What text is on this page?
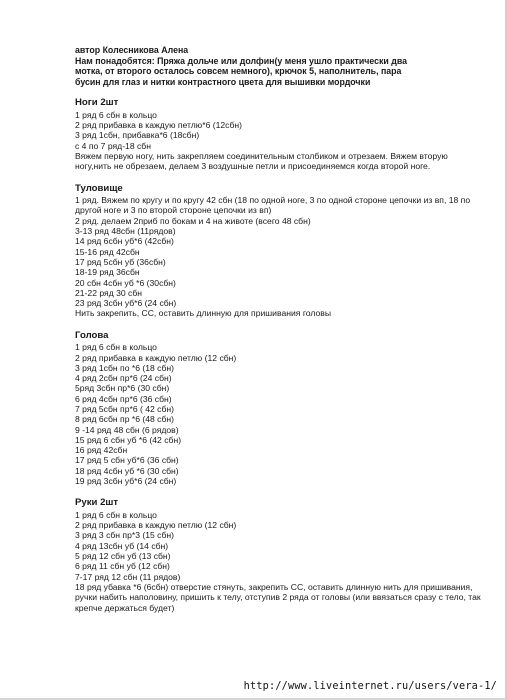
автор Колесникова Алена
Нам понадобятся: Пряжа дольче или долфин(у меня ушло практически два
мотка, от второго осталось совсем немного), крючок 5, наполнитель, пара
бусин для глаз и нитки контрастного цвета для вышивки мордочки
Ноги 2шт
1 ряд 6 сбн в кольцо
2 ряд прибавка в каждую петлю*6 (12сбн)
3 ряд 1сбн, прибавка*6 (18сбн)
с 4 по 7 ряд-18 сбн
Вяжем первую ногу, нить закрепляем соединительным столбиком и отрезаем. Вяжем вторую ногу,нить не обрезаем, делаем 3 воздушные петли и присоединяемся когда второй ноге.
Туловище
1 ряд. Вяжем по кругу и по кругу 42 сбн (18 по одной ноге, 3 по одной стороне цепочки из вп, 18 по другой ноге и 3 по второй стороне цепочки из вп)
2 ряд. делаем 2приб по бокам и 4 на животе (всего 48 сбн)
3-13 ряд 48сбн (11рядов)
14 ряд 6сбн уб*6 (42сбн)
15-16 ряд 42сбн
17 ряд 5сбн уб (36сбн)
18-19 ряд 36сбн
20 сбн 4сбн уб *6 (30сбн)
21-22 ряд 30 сбн
23 ряд 3сбн уб*6 (24 сбн)
Нить закрепить, СС, оставить длинную для пришивания головы
Голова
1 ряд 6 сбн в кольцо
2 ряд прибавка в каждую петлю (12 сбн)
3 ряд 1сбн по *6 (18 сбн)
4 ряд 2сбн пр*6 (24 сбн)
5ряд 3сбн пр*6 (30 сбн)
6 ряд 4сбн пр*6 (36 сбн)
7 ряд 5сбн пр*6 ( 42 сбн)
8 ряд 6сбн пр *6 (48 сбн)
9 -14 ряд 48 сбн (6 рядов)
15 ряд 6 сбн уб *6 (42 сбн)
16 ряд 42сбн
17 ряд 5 сбн уб*6 (36 сбн)
18 ряд 4сбн уб *6 (30 сбн)
19 ряд 3сбн уб*6 (24 сбн)
Руки 2шт
1 ряд 6 сбн в кольцо
2 ряд прибавка в каждую петлю (12 сбн)
3 ряд 3 сбн пр*3 (15 сбн)
4 ряд 13сбн уб (14 сбн)
5 ряд 12 сбн уб (13 сбн)
6 ряд 11 сбн уб (12 сбн)
7-17 ряд 12 сбн (11 рядов)
18 ряд убавка *6 (6сбн) отверстие стянуть, закрепить СС, оставить длинную нить для пришивания, ручки набить наполовину, пришить к телу, отступив 2 ряда от головы (или ввязаться сразу с тело, так крепче держаться будет)
http://www.liveinternet.ru/users/vera-1/
